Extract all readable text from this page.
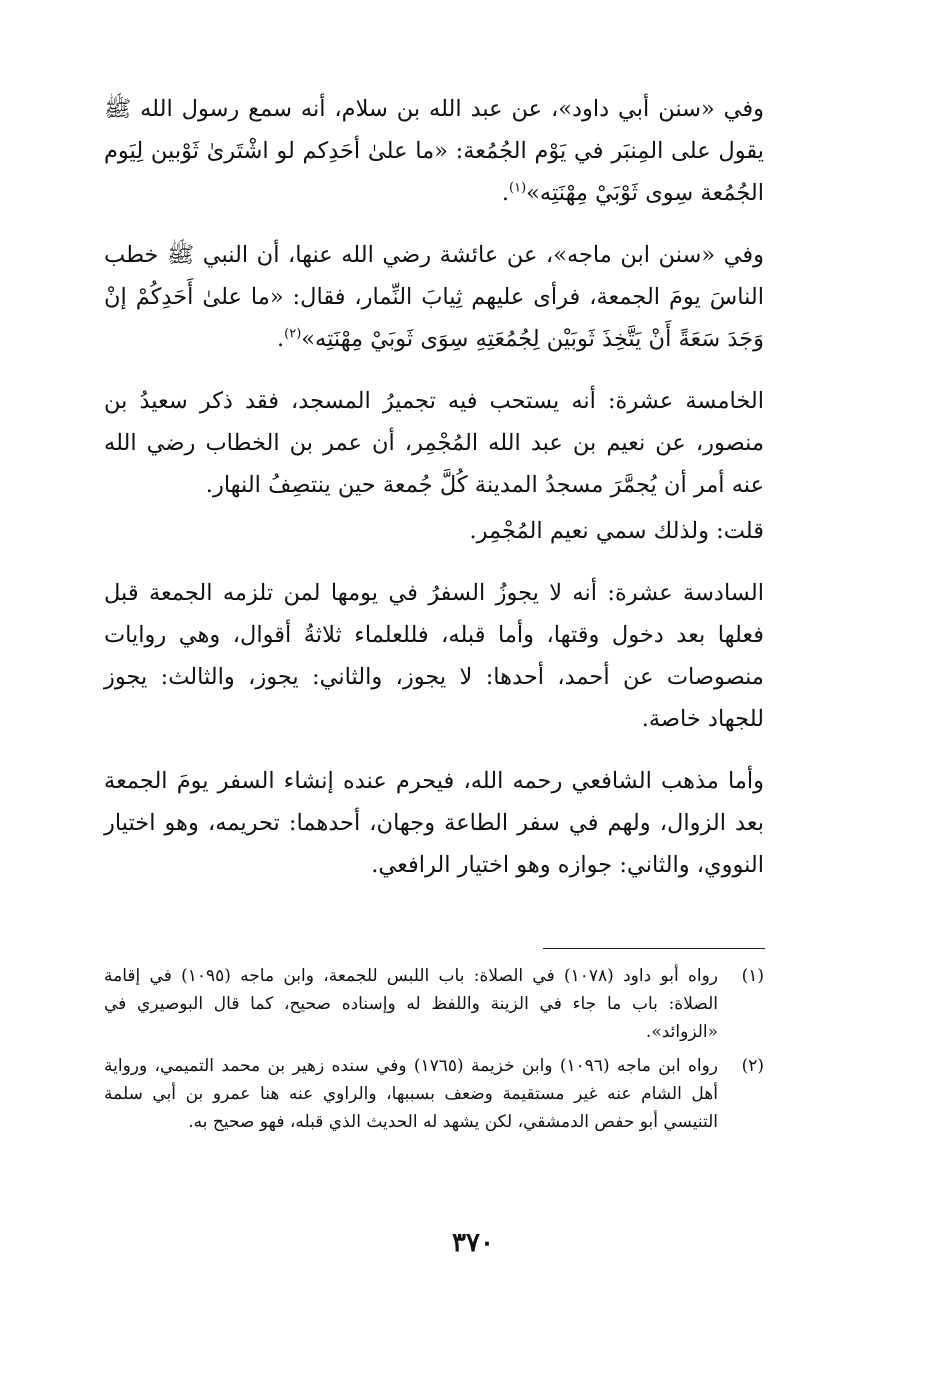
وفي «سنن أبي داود»، عن عبد الله بن سلام، أنه سمع رسول الله ﷺ يقول على المِنبَر في يَوْم الجُمُعة: «ما علىٰ أحَدِكم لو اشْتَرىٰ ثَوْبين لِيَوم الجُمُعة سِوى ثَوْبَيْ مِهْنَتِه»$^{(١)}$.

وفي «سنن ابن ماجه»، عن عائشة رضي الله عنها، أن النبي ﷺ خطب الناسَ يومَ الجمعة، فرأى عليهم ثِيابَ النِّمار، فقال: «ما علىٰ أَحَدِكُمْ إنْ وَجَدَ سَعَةً أَنْ يَتَّخِذَ ثَوبَيْن لِجُمُعَتِهِ سِوَى ثَوبَيْ مِهْنَتِه»$^{(٢)}$.

الخامسة عشرة: أنه يستحب فيه تجميرُ المسجد، فقد ذكر سعيدُ بن منصور، عن نعيم بن عبد الله المُجْمِر، أن عمر بن الخطاب رضي الله عنه أمر أن يُجمَّرَ مسجدُ المدينة كُلَّ جُمعة حين ينتصِفُ النهار.

قلت: ولذلك سمي نعيم المُجْمِر.

السادسة عشرة: أنه لا يجوزُ السفرُ في يومها لمن تلزمه الجمعة قبل فعلها بعد دخول وقتها، وأما قبله، فللعلماء ثلاثةُ أقوال، وهي روايات منصوصات عن أحمد، أحدها: لا يجوز، والثاني: يجوز، والثالث: يجوز للجهاد خاصة.

وأما مذهب الشافعي رحمه الله، فيحرم عنده إنشاء السفر يومَ الجمعة بعد الزوال، ولهم في سفر الطاعة وجهان، أحدهما: تحريمه، وهو اختيار النووي، والثاني: جوازه وهو اختيار الرافعي.

(١)
رواه أبو داود (١٠٧٨) في الصلاة: باب اللبس للجمعة، وابن ماجه (١٠٩٥) في إقامة الصلاة: باب ما جاء في الزينة واللفظ له وإسناده صحيح، كما قال البوصيري في «الزوائد».
(٢)
رواه ابن ماجه (١٠٩٦) وابن خزيمة (١٧٦٥) وفي سنده زهير بن محمد التميمي، ورواية أهل الشام عنه غير مستقيمة وضعف بسببها، والراوي عنه هنا عمرو بن أبي سلمة التنيسي أبو حفص الدمشقي، لكن يشهد له الحديث الذي قبله، فهو صحيح به.
٣٧٠
